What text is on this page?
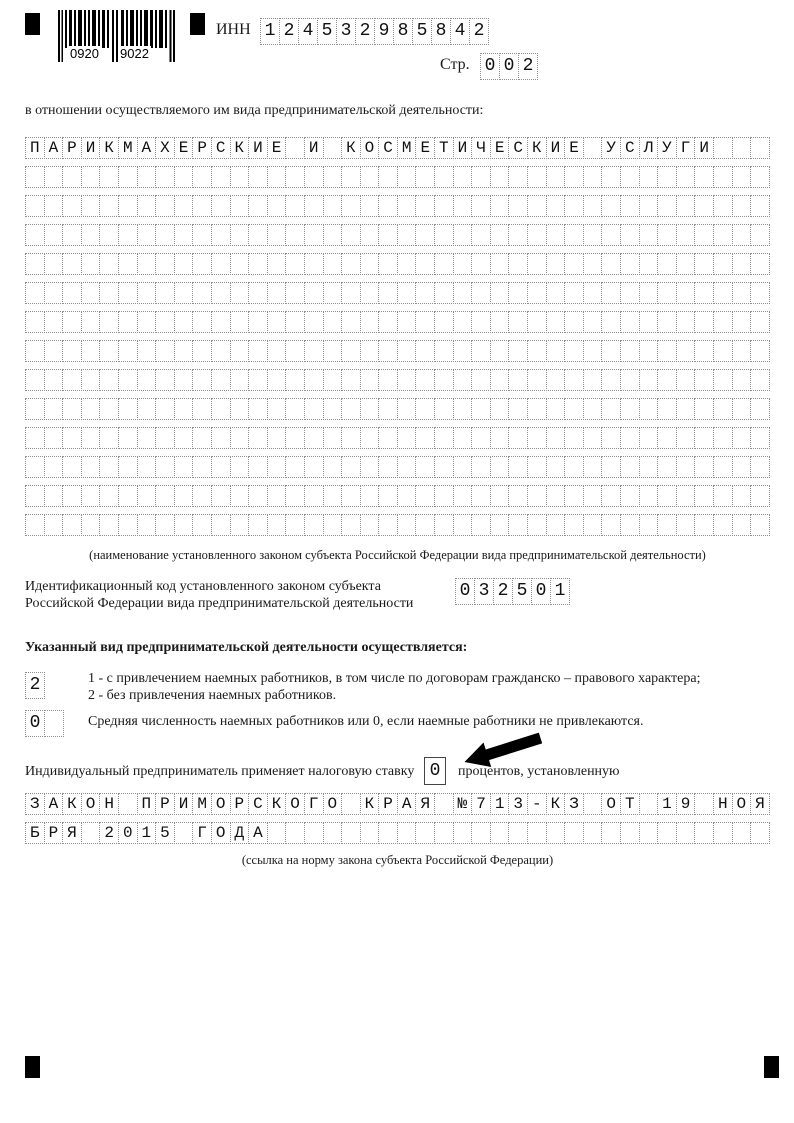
0920 9022
ИНН 1 2 4 5 3 2 9 8 5 8 4 2
Стр. 0 0 2
в отношении осуществляемого им вида предпринимательской деятельности:
П А Р И К М А Х Е Р С К И Е
	И
	К О С М Е Т И Ч Е С К И Е
	У С Л У Г И

(наименование установленного законом субъекта Российской Федерации вида предпринимательской деятельности)
Идентификационный код установленного законом субъекта
Российской Федерации вида предпринимательской деятельности
0 3 2 5 0 1
Указанный вид предпринимательской деятельности осуществляется:
2	1 - с привлечением наемных работников, в том числе по договорам гражданско – правового характера;
2 - без привлечения наемных работников.
0
	Средняя численность наемных работников или 0, если наемные работники не привлекаются.
Индивидуальный предприниматель применяет налоговую ставку 0	процентов, установленную
З А К О Н
	П Р И М О Р С К О Г О
	К Р А Я
	№ 7 1 3 - К З
	О Т
	1 9
	Н О Я
Б Р Я
	2 0 1 5
	Г О Д А

(ссылка на норму закона субъекта Российской Федерации)
